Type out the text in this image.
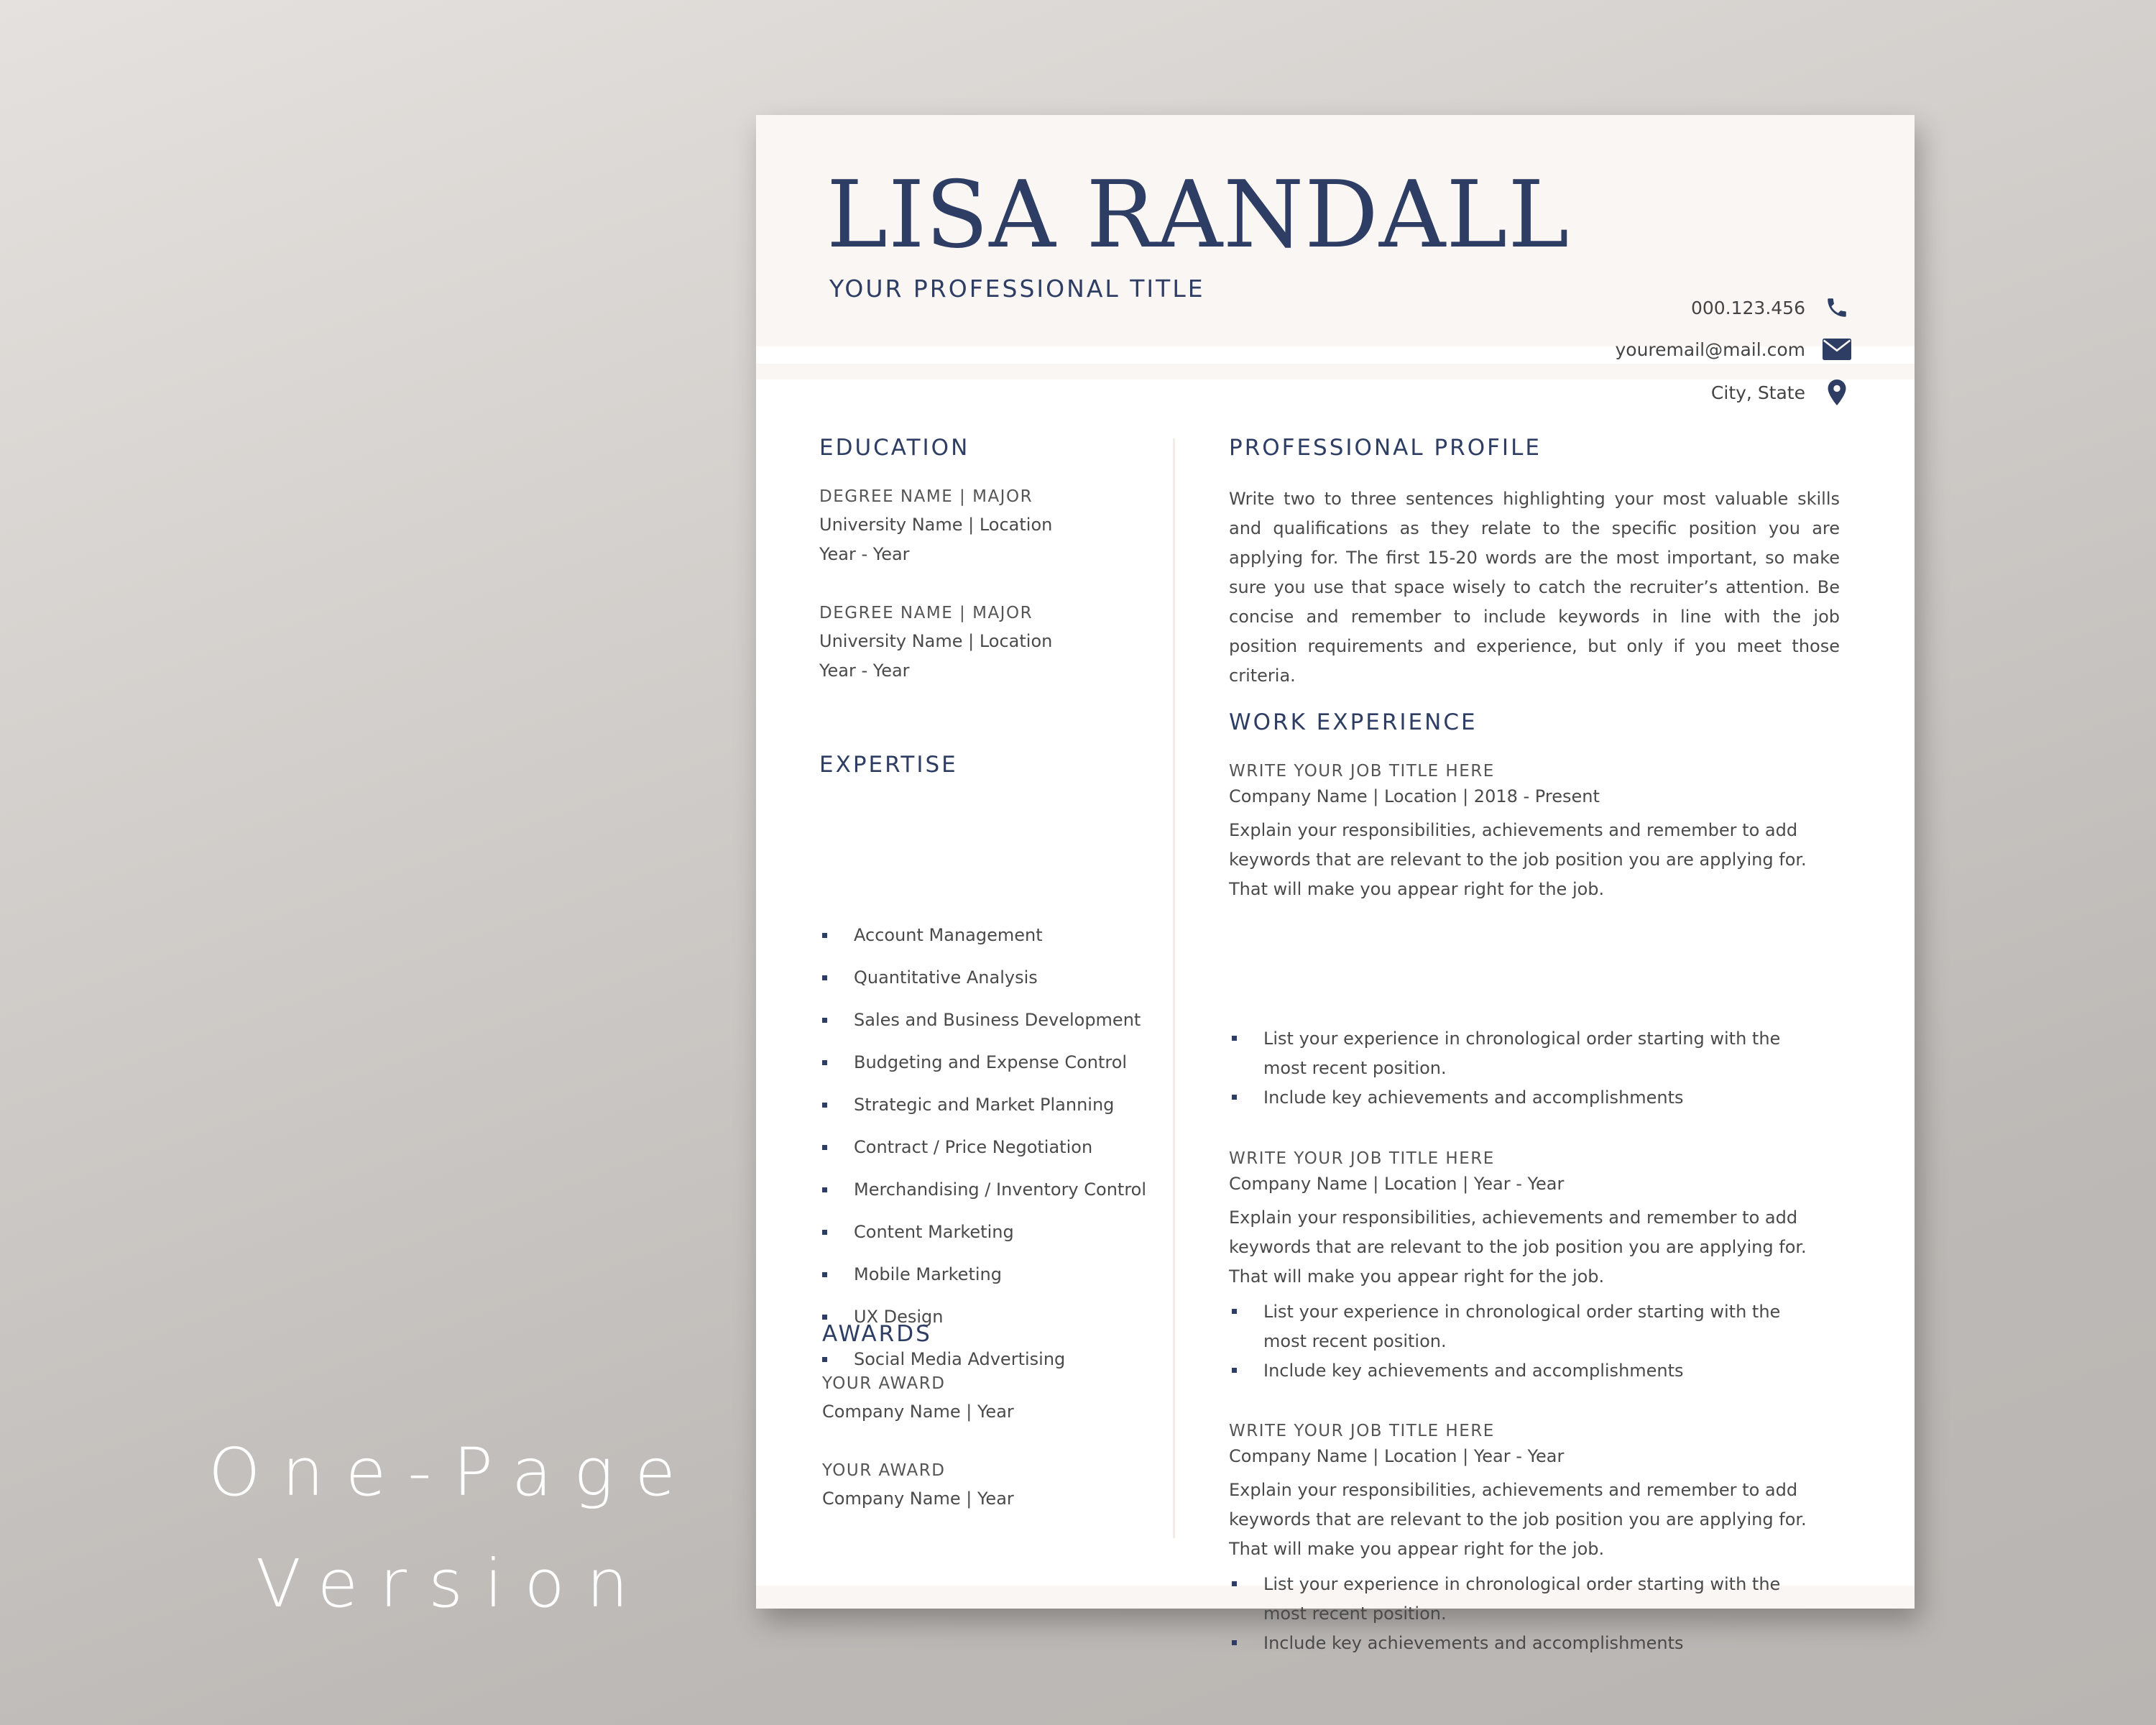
One-Page
Version
LISA RANDALL
YOUR PROFESSIONAL TITLE
000.123.456
youremail@mail.com
City, State
EDUCATION
DEGREE NAME | MAJOR
University Name | Location
Year - Year
DEGREE NAME | MAJOR
University Name | Location
Year - Year
EXPERTISE
Account Management
Quantitative Analysis
Sales and Business Development
Budgeting and Expense Control
Strategic and Market Planning
Contract / Price Negotiation
Merchandising / Inventory Control
Content Marketing
Mobile Marketing
UX Design
Social Media Advertising
AWARDS
YOUR AWARD
Company Name | Year
YOUR AWARD
Company Name | Year
PROFESSIONAL PROFILE

Write two to three sentences highlighting your most valuable skills and qualifications as they relate to the specific position you are applying for. The first 15-20 words are the most important, so make sure you use that space wisely to catch the recruiter’s attention. Be concise and remember to include keywords in line with the job position requirements and experience, but only if you meet those criteria.

WORK EXPERIENCE
WRITE YOUR JOB TITLE HERE
Company Name | Location | 2018 - Present

Explain your responsibilities, achievements and remember to add keywords that are relevant to the job position you are applying for. That will make you appear right for the job.

List your experience in chronological order starting with the most recent position.

Include key achievements and accomplishments

WRITE YOUR JOB TITLE HERE
Company Name | Location | Year - Year

Explain your responsibilities, achievements and remember to add keywords that are relevant to the job position you are applying for. That will make you appear right for the job.

List your experience in chronological order starting with the most recent position.

Include key achievements and accomplishments

WRITE YOUR JOB TITLE HERE
Company Name | Location | Year - Year

Explain your responsibilities, achievements and remember to add keywords that are relevant to the job position you are applying for. That will make you appear right for the job.

List your experience in chronological order starting with the most recent position.

Include key achievements and accomplishments
